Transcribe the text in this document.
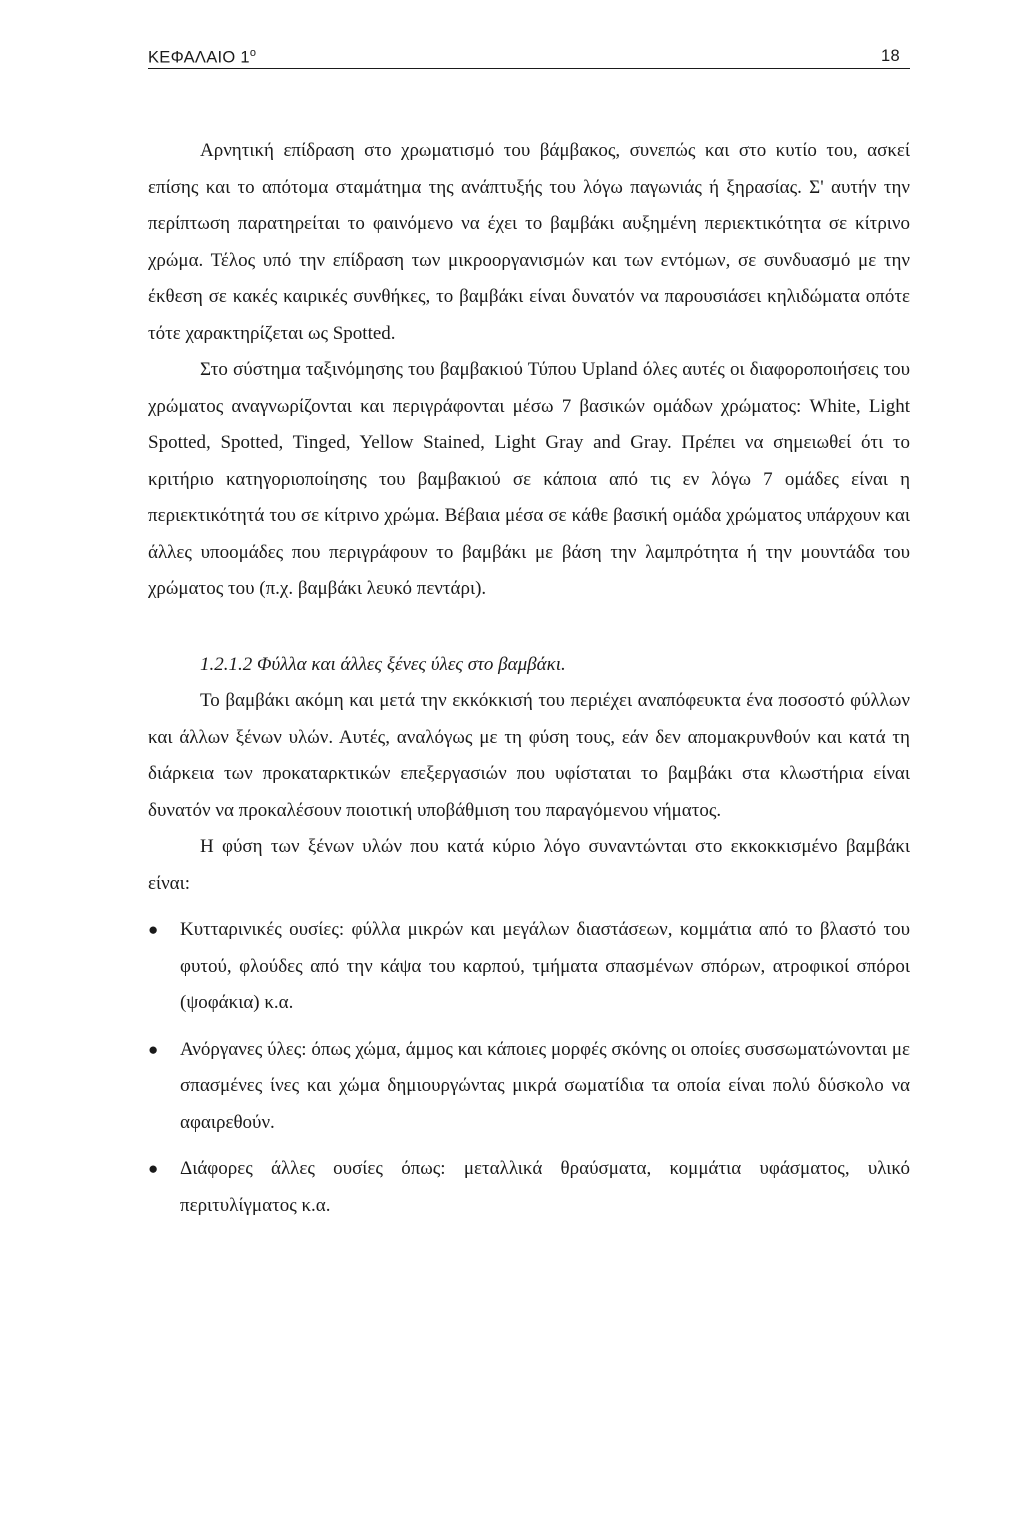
ΚΕΦΑΛΑΙΟ $1^o$	18

Αρνητική επίδραση στο χρωματισμό του βάμβακος, συνεπώς και στο κυτίο του, ασκεί επίσης και το απότομα σταμάτημα της ανάπτυξής του λόγω παγωνιάς ή ξηρασίας. Σ' αυτήν την περίπτωση παρατηρείται το φαινόμενο να έχει το βαμβάκι αυξημένη περιεκτικότητα σε κίτρινο χρώμα. Τέλος υπό την επίδραση των μικροοργανισμών και των εντόμων, σε συνδυασμό με την έκθεση σε κακές καιρικές συνθήκες, το βαμβάκι είναι δυνατόν να παρουσιάσει κηλιδώματα οπότε τότε χαρακτηρίζεται ως Spotted.

Στο σύστημα ταξινόμησης του βαμβακιού Τύπου Upland όλες αυτές οι διαφοροποιήσεις του χρώματος αναγνωρίζονται και περιγράφονται μέσω 7 βασικών ομάδων χρώματος: White, Light Spotted, Spotted, Tinged, Yellow Stained, Light Gray and Gray. Πρέπει να σημειωθεί ότι το κριτήριο κατηγοριοποίησης του βαμβακιού σε κάποια από τις εν λόγω 7 ομάδες είναι η περιεκτικότητά του σε κίτρινο χρώμα. Βέβαια μέσα σε κάθε βασική ομάδα χρώματος υπάρχουν και άλλες υποομάδες που περιγράφουν το βαμβάκι με βάση την λαμπρότητα ή την μουντάδα του χρώματος του (π.χ. βαμβάκι λευκό πεντάρι).

1.2.1.2 Φύλλα και άλλες ξένες ύλες στο βαμβάκι.

Το βαμβάκι ακόμη και μετά την εκκόκκισή του περιέχει αναπόφευκτα ένα ποσοστό φύλλων και άλλων ξένων υλών. Αυτές, αναλόγως με τη φύση τους, εάν δεν απομακρυνθούν και κατά τη διάρκεια των προκαταρκτικών επεξεργασιών που υφίσταται το βαμβάκι στα κλωστήρια είναι δυνατόν να προκαλέσουν ποιοτική υποβάθμιση του παραγόμενου νήματος.

Η φύση των ξένων υλών που κατά κύριο λόγο συναντώνται στο εκκοκκισμένο βαμβάκι είναι:

● Κυτταρινικές ουσίες: φύλλα μικρών και μεγάλων διαστάσεων, κομμάτια από το βλαστό του φυτού, φλούδες από την κάψα του καρπού, τμήματα σπασμένων σπόρων, ατροφικοί σπόροι (ψοφάκια) κ.α.
● Ανόργανες ύλες: όπως χώμα, άμμος και κάποιες μορφές σκόνης οι οποίες συσσωματώνονται με σπασμένες ίνες και χώμα δημιουργώντας μικρά σωματίδια τα οποία είναι πολύ δύσκολο να αφαιρεθούν.
● Διάφορες άλλες ουσίες όπως: μεταλλικά θραύσματα, κομμάτια υφάσματος, υλικό περιτυλίγματος κ.α.
